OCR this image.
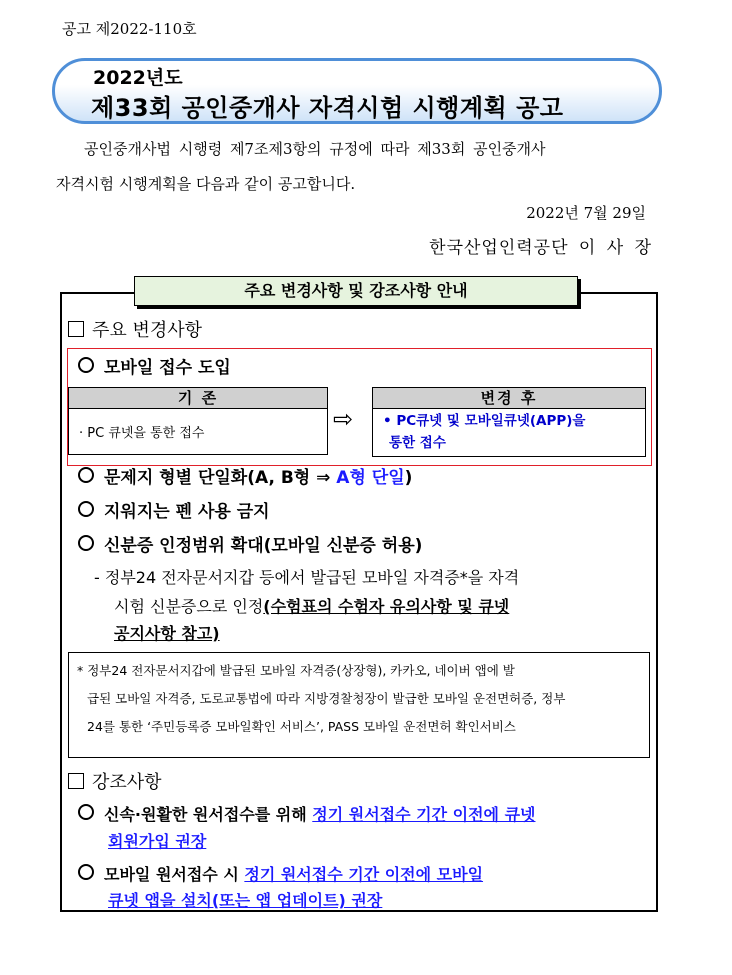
공고 제2022-110호
2022년도
제33회 공인중개사 자격시험 시행계획 공고
공인중개사법 시행령 제7조제3항의 규정에 따라 제33회 공인중개사
자격시험 시행계획을 다음과 같이 공고합니다.
2022년 7월 29일
한국산업인력공단 이 사 장
주요 변경사항 및 강조사항 안내
주요 변경사항
모바일 접수 도입
기 존
· PC 큐넷을 통한 접수
⇨
변경 후
• PC큐넷 및 모바일큐넷(APP)을
통한 접수
문제지 형별 단일화(A, B형 ⇒ A형 단일)
지워지는 펜 사용 금지
신분증 인정범위 확대(모바일 신분증 허용)
- 정부24 전자문서지갑 등에서 발급된 모바일 자격증*을 자격
시험 신분증으로 인정(수험표의 수험자 유의사항 및 큐넷
공지사항 참고)
* 정부24 전자문서지갑에 발급된 모바일 자격증(상장형), 카카오, 네이버 앱에 발
급된 모바일 자격증, 도로교통법에 따라 지방경찰청장이 발급한 모바일 운전면허증, 정부
24를 통한 ‘주민등록증 모바일확인 서비스’, PASS 모바일 운전면허 확인서비스
강조사항
신속·원활한 원서접수를 위해 정기 원서접수 기간 이전에 큐넷
회원가입 권장
모바일 원서접수 시 정기 원서접수 기간 이전에 모바일
큐넷 앱을 설치(또는 앱 업데이트) 권장
